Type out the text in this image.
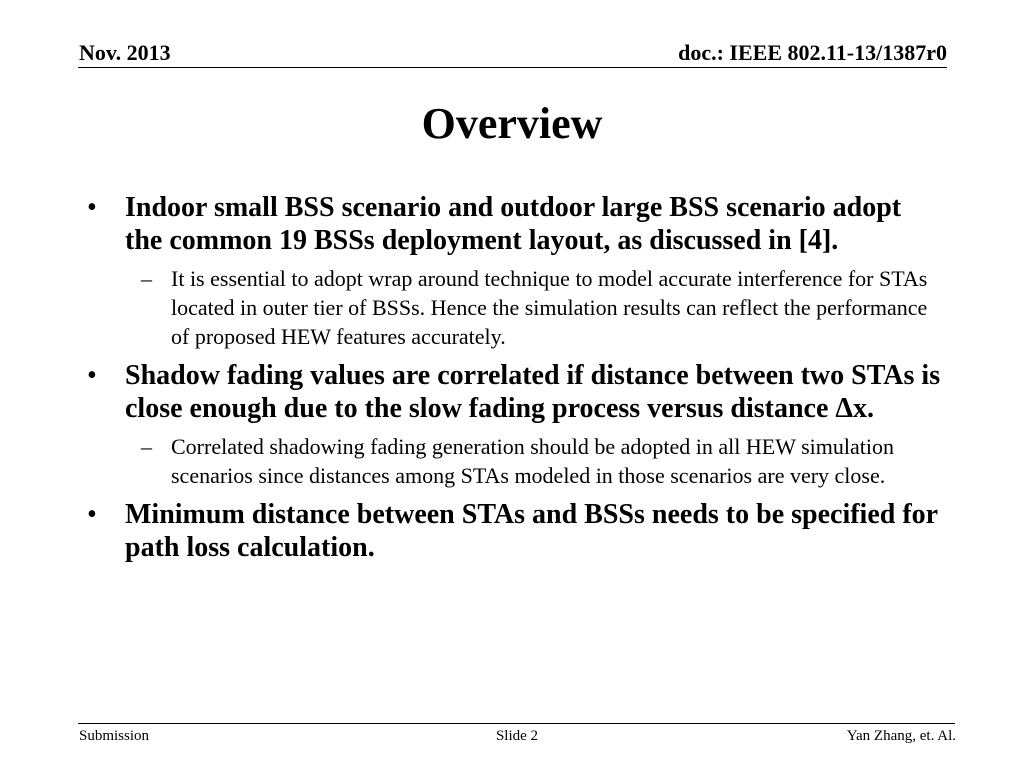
Nov. 2013	doc.: IEEE 802.11-13/1387r0
Overview
• Indoor small BSS scenario and outdoor large BSS scenario adopt the common 19 BSSs deployment layout, as discussed in [4].
– It is essential to adopt wrap around technique to model accurate interference for STAs located in outer tier of BSSs. Hence the simulation results can reflect the performance of proposed HEW features accurately.
• Shadow fading values are correlated if distance between two STAs is close enough due to the slow fading process versus distance Δx.
– Correlated shadowing fading generation should be adopted in all HEW simulation scenarios since distances among STAs modeled in those scenarios are very close.
• Minimum distance between STAs and BSSs needs to be specified for path loss calculation.
Submission	Slide 2	Yan Zhang, et. Al.
